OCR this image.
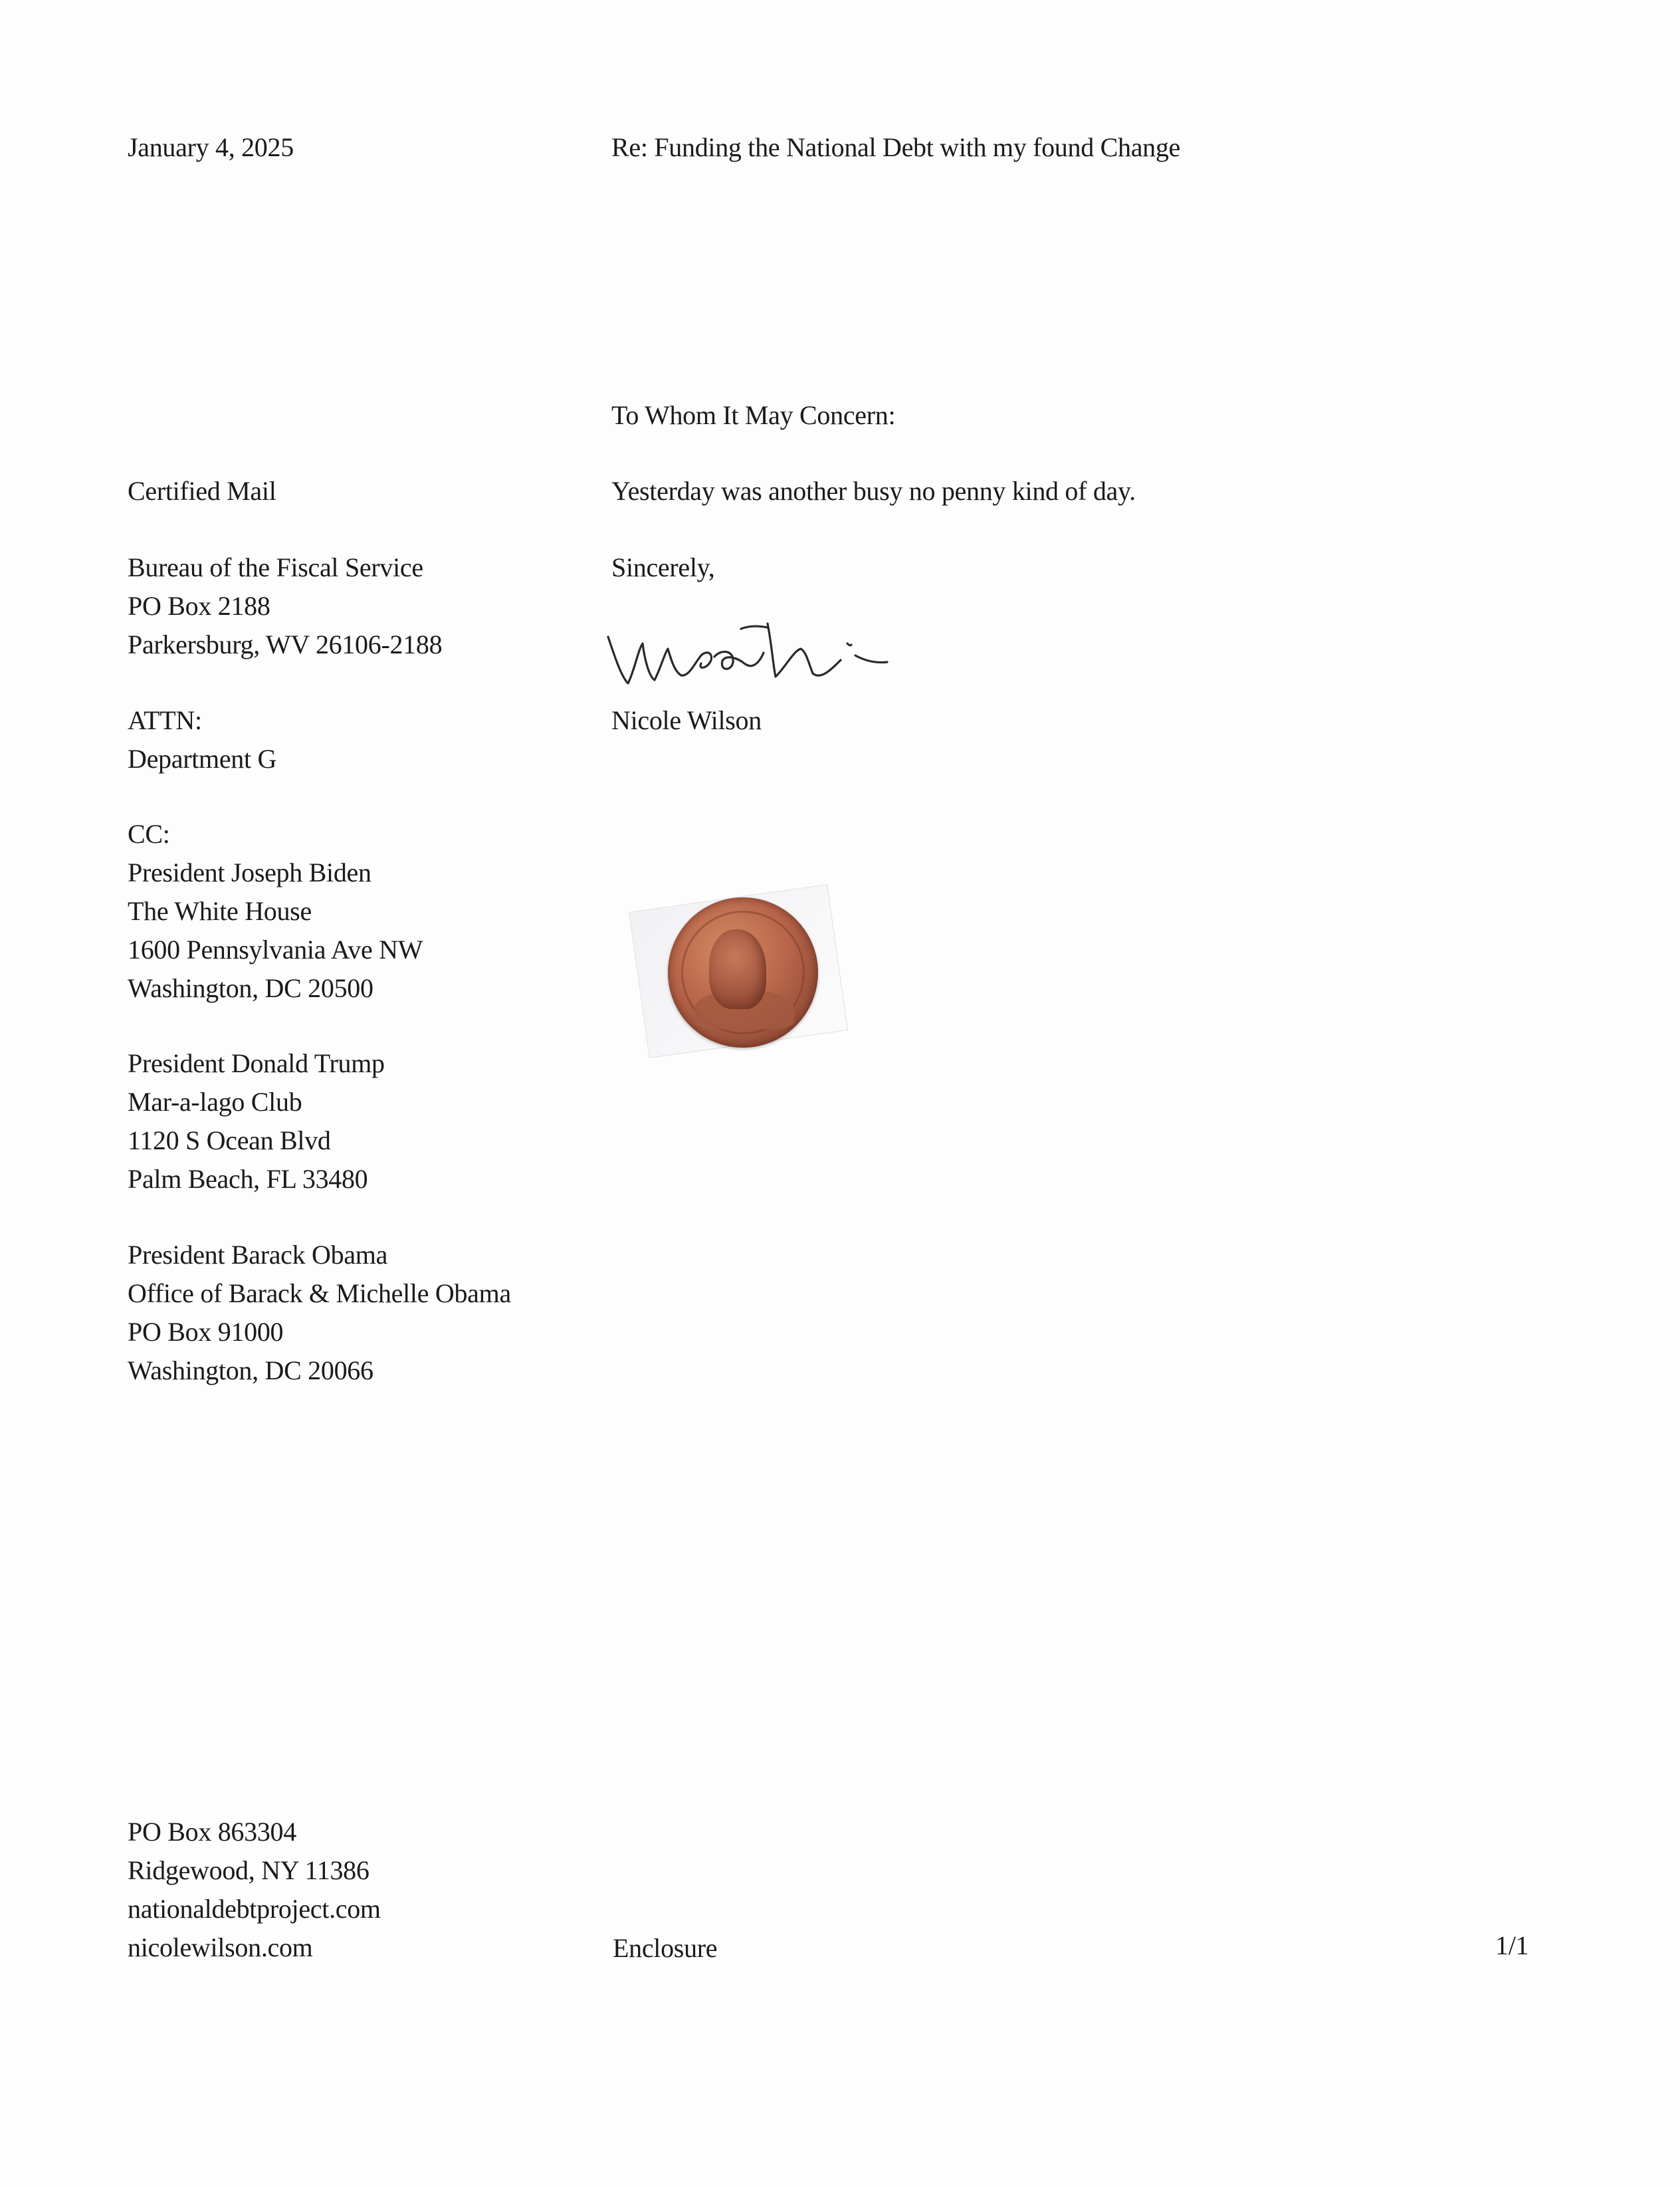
January 4, 2025	Re: Funding the National Debt with my found Change
To Whom It May Concern:
Yesterday was another busy no penny kind of day.
Sincerely,
Nicole Wilson
Certified Mail
Bureau of the Fiscal Service
PO Box 2188
Parkersburg, WV 26106-2188
ATTN:
Department G
CC:
President Joseph Biden
The White House
1600 Pennsylvania Ave NW
Washington, DC 20500
President Donald Trump
Mar-a-lago Club
1120 S Ocean Blvd
Palm Beach, FL 33480
President Barack Obama
Office of Barack & Michelle Obama
PO Box 91000
Washington, DC 20066
PO Box 863304
Ridgewood, NY 11386
nationaldebtproject.com
nicolewilson.com	Enclosure	1/1
